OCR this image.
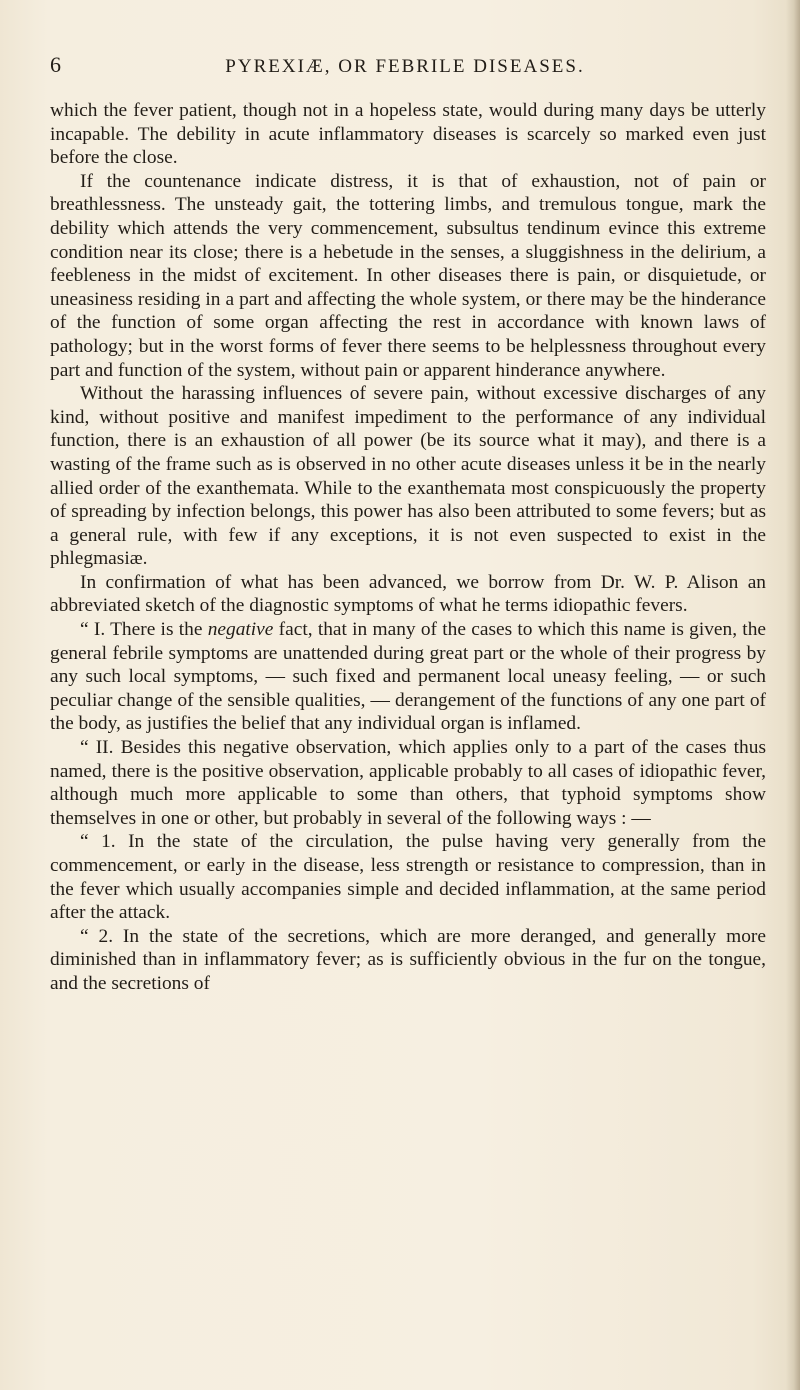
6	PYREXIÆ, OR FEBRILE DISEASES.

which the fever patient, though not in a hopeless state, would during many days be utterly incapable. The debility in acute inflammatory diseases is scarcely so marked even just before the close.

If the countenance indicate distress, it is that of exhaustion, not of pain or breathlessness. The unsteady gait, the tottering limbs, and tremulous tongue, mark the debility which attends the very commencement, subsultus tendinum evince this extreme condition near its close; there is a hebetude in the senses, a sluggishness in the delirium, a feebleness in the midst of excitement. In other diseases there is pain, or disquietude, or uneasiness residing in a part and affecting the whole system, or there may be the hinderance of the function of some organ affecting the rest in accordance with known laws of pathology; but in the worst forms of fever there seems to be helplessness throughout every part and function of the system, without pain or apparent hinderance anywhere.

Without the harassing influences of severe pain, without excessive discharges of any kind, without positive and manifest impediment to the performance of any individual function, there is an exhaustion of all power (be its source what it may), and there is a wasting of the frame such as is observed in no other acute diseases unless it be in the nearly allied order of the exanthemata. While to the exanthemata most conspicuously the property of spreading by infection belongs, this power has also been attributed to some fevers; but as a general rule, with few if any exceptions, it is not even suspected to exist in the phlegmasiæ.

In confirmation of what has been advanced, we borrow from Dr. W. P. Alison an abbreviated sketch of the diagnostic symptoms of what he terms idiopathic fevers.

“ I. There is the negative fact, that in many of the cases to which this name is given, the general febrile symptoms are unattended during great part or the whole of their progress by any such local symptoms, — such fixed and permanent local uneasy feeling, — or such peculiar change of the sensible qualities, — derangement of the functions of any one part of the body, as justifies the belief that any individual organ is inflamed.

“ II. Besides this negative observation, which applies only to a part of the cases thus named, there is the positive observation, applicable probably to all cases of idiopathic fever, although much more applicable to some than others, that typhoid symptoms show themselves in one or other, but probably in several of the following ways : —

“ 1. In the state of the circulation, the pulse having very generally from the commencement, or early in the disease, less strength or resistance to compression, than in the fever which usually accompanies simple and decided inflammation, at the same period after the attack.

“ 2. In the state of the secretions, which are more deranged, and generally more diminished than in inflammatory fever; as is sufficiently obvious in the fur on the tongue, and the secretions of
